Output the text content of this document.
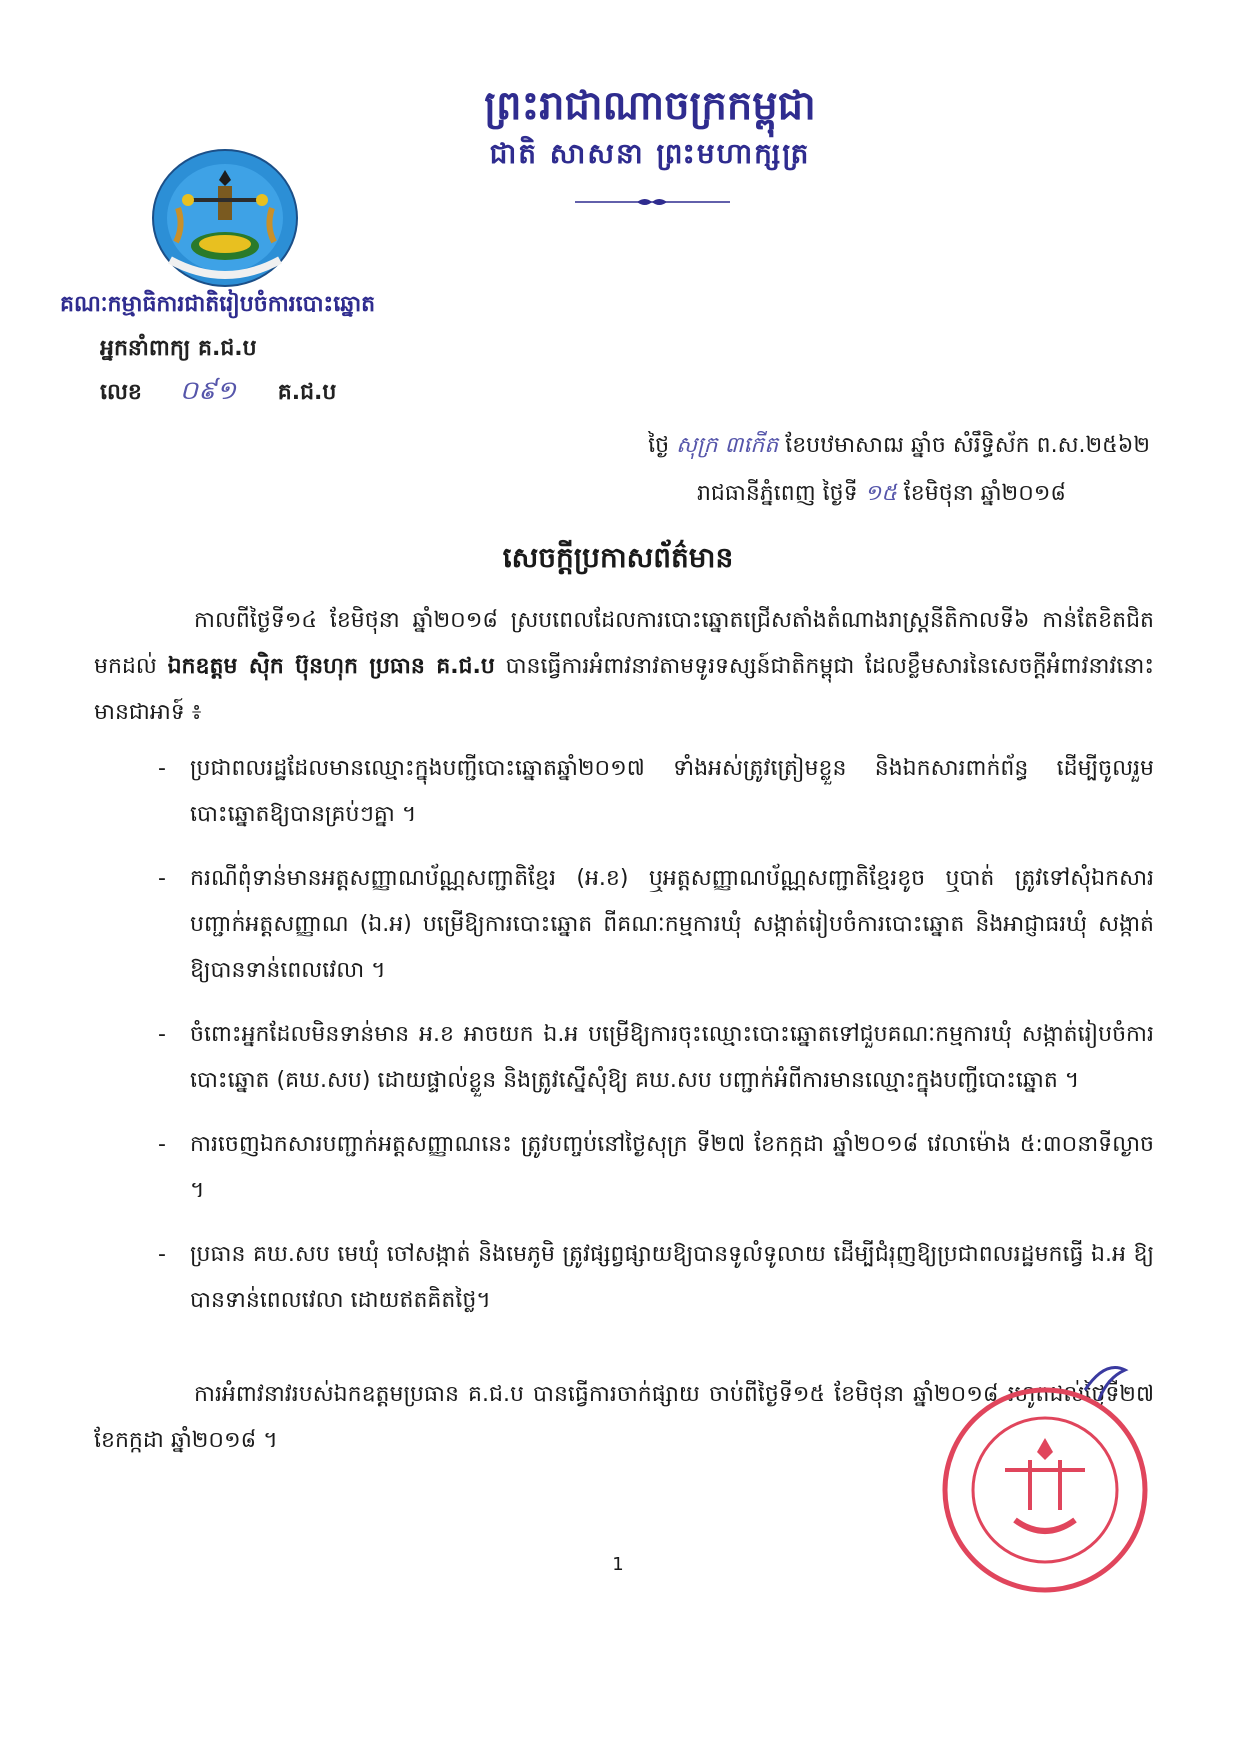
ព្រះរាជាណាចក្រកម្ពុជា
ជាតិ សាសនា ព្រះមហាក្សត្រ
គណៈកម្មាធិការជាតិរៀបចំការបោះឆ្នោត
អ្នកនាំពាក្យ គ.ជ.ប
លេខ ០៩១ គ.ជ.ប
ថ្ងៃ សុក្រ ៣កើត ខែបឋមាសាឍ ឆ្នាំច សំរឹទ្ធិស័ក ព.ស.២៥៦២
រាជធានីភ្នំពេញ ថ្ងៃទី ១៥ ខែមិថុនា ឆ្នាំ២០១៨
សេចក្តីប្រកាសព័ត៌មាន
កាលពីថ្ងៃទី១៤ ខែមិថុនា ឆ្នាំ២០១៨ ស្របពេលដែលការបោះឆ្នោតជ្រើសតាំងតំណាងរាស្ត្រនីតិកាលទី៦ កាន់តែខិតជិតមកដល់ ឯកឧត្តម ស៊ិក ប៊ុនហុក ប្រធាន គ.ជ.ប បានធ្វើការអំពាវនាវតាមទូរទស្សន៍ជាតិកម្ពុជា ដែលខ្លឹមសារនៃសេចក្តីអំពាវនាវនោះមានជាអាទ៍ ៖
- ប្រជាពលរដ្ឋដែលមានឈ្មោះក្នុងបញ្ជីបោះឆ្នោតឆ្នាំ២០១៧ ទាំងអស់ត្រូវត្រៀមខ្លួន និងឯកសារពាក់ព័ន្ធ ដើម្បីចូលរួមបោះឆ្នោតឱ្យបានគ្រប់ៗគ្នា ។
- ករណីពុំទាន់មានអត្តសញ្ញាណប័ណ្ណសញ្ជាតិខ្មែរ (អ.ខ) ឬអត្តសញ្ញាណប័ណ្ណសញ្ជាតិខ្មែរខូច ឬបាត់ ត្រូវទៅសុំឯកសារបញ្ជាក់អត្តសញ្ញាណ (ឯ.អ) បម្រើឱ្យការបោះឆ្នោត ពីគណៈកម្មការឃុំ សង្កាត់រៀបចំការបោះឆ្នោត និងអាជ្ញាធរឃុំ សង្កាត់ ឱ្យបានទាន់ពេលវេលា ។
- ចំពោះអ្នកដែលមិនទាន់មាន អ.ខ អាចយក ឯ.អ បម្រើឱ្យការចុះឈ្មោះបោះឆ្នោតទៅជួបគណៈកម្មការឃុំ សង្កាត់រៀបចំការបោះឆ្នោត (គឃ.សប) ដោយផ្ទាល់ខ្លួន និងត្រូវស្នើសុំឱ្យ គឃ.សប បញ្ជាក់អំពីការមានឈ្មោះក្នុងបញ្ជីបោះឆ្នោត ។
- ការចេញឯកសារបញ្ជាក់អត្តសញ្ញាណនេះ ត្រូវបញ្ចប់នៅថ្ងៃសុក្រ ទី២៧ ខែកក្កដា ឆ្នាំ២០១៨ វេលាម៉ោង ៥:៣០នាទីល្ងាច ។
- ប្រធាន គឃ.សប មេឃុំ ចៅសង្កាត់ និងមេភូមិ ត្រូវផ្សព្វផ្សាយឱ្យបានទូលំទូលាយ ដើម្បីជំរុញឱ្យប្រជាពលរដ្ឋមកធ្វើ ឯ.អ ឱ្យបានទាន់ពេលវេលា ដោយឥតគិតថ្លៃ។
ការអំពាវនាវរបស់ឯកឧត្តមប្រធាន គ.ជ.ប បានធ្វើការចាក់ផ្សាយ ចាប់ពីថ្ងៃទី១៥ ខែមិថុនា ឆ្នាំ២០១៨ រហូតដល់ថ្ងៃទី២៧ ខែកក្កដា ឆ្នាំ២០១៨ ។
1
